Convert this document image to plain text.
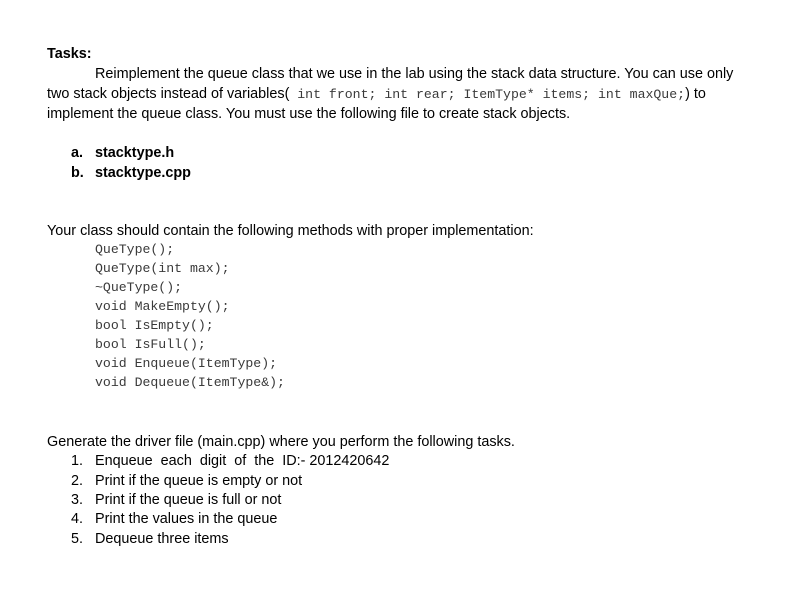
Tasks:
Reimplement the queue class that we use in the lab using the stack data structure. You can use only
two stack objects instead of variables( int front; int rear; ItemType* items; int maxQue;) to
implement the queue class. You must use the following file to create stack objects.
a. stacktype.h
b. stacktype.cpp
Your class should contain the following methods with proper implementation:
QueType();
QueType(int max);
~QueType();
void MakeEmpty();
bool IsEmpty();
bool IsFull();
void Enqueue(ItemType);
void Dequeue(ItemType&);
Generate the driver file (main.cpp) where you perform the following tasks.
1. Enqueue  each  digit  of  the  ID:- 2012420642
2. Print if the queue is empty or not
3. Print if the queue is full or not
4. Print the values in the queue
5. Dequeue three items
